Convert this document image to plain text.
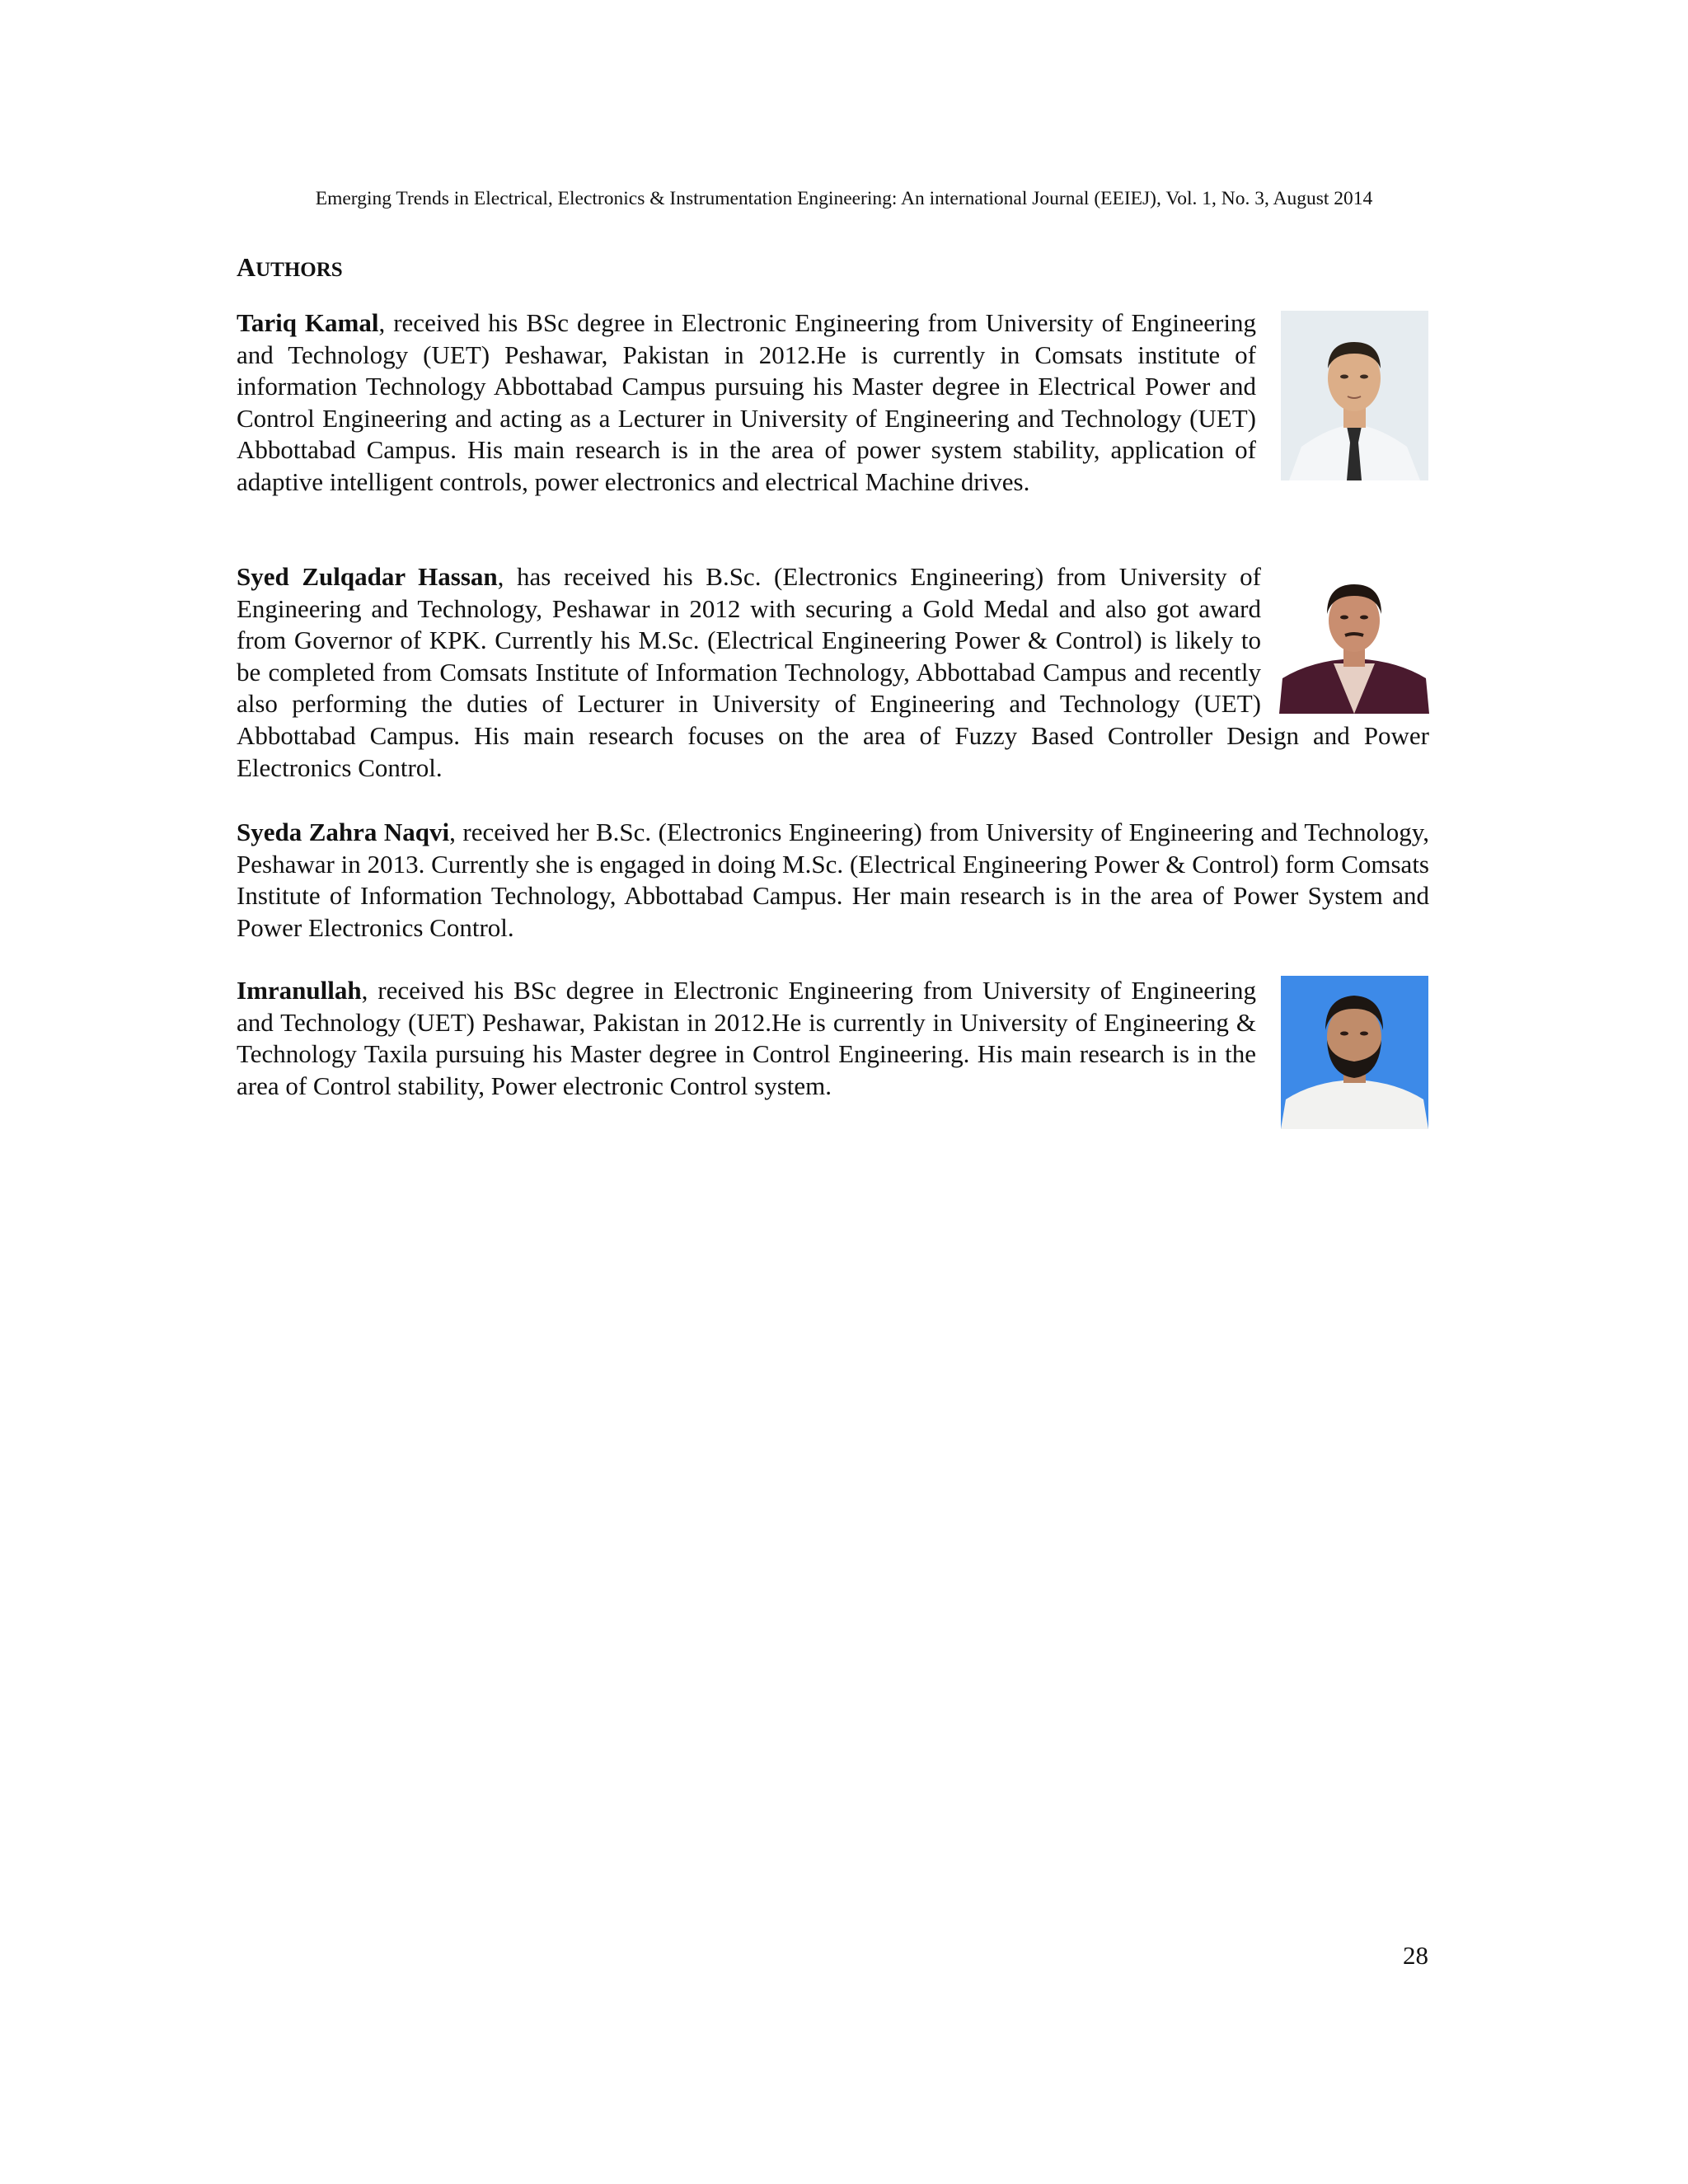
Emerging Trends in Electrical, Electronics & Instrumentation Engineering: An international Journal (EEIEJ), Vol. 1, No. 3, August 2014
AUTHORS

Tariq Kamal, received his BSc degree in Electronic Engineering from University of Engineering and Technology (UET) Peshawar, Pakistan in 2012.He is currently in Comsats institute of information Technology Abbottabad Campus pursuing his Master degree in Electrical Power and Control Engineering and acting as a Lecturer in University of Engineering and Technology (UET) Abbottabad Campus. His main research is in the area of power system stability, application of adaptive intelligent controls, power electronics and electrical Machine drives.

Syed Zulqadar Hassan, has received his B.Sc. (Electronics Engineering) from University of Engineering and Technology, Peshawar in 2012 with securing a Gold Medal and also got award from Governor of KPK. Currently his M.Sc. (Electrical Engineering Power & Control) is likely to be completed from Comsats Institute of Information Technology, Abbottabad Campus and recently also performing the duties of Lecturer in University of Engineering and Technology (UET) Abbottabad Campus. His main research focuses on the area of Fuzzy Based Controller Design and Power Electronics Control.

Syeda Zahra Naqvi, received her B.Sc. (Electronics Engineering) from University of Engineering and Technology, Peshawar in 2013. Currently she is engaged in doing M.Sc. (Electrical Engineering Power & Control) form Comsats Institute of Information Technology, Abbottabad Campus. Her main research is in the area of Power System and Power Electronics Control.

Imranullah, received his BSc degree in Electronic Engineering from University of Engineering and Technology (UET) Peshawar, Pakistan in 2012.He is currently in University of Engineering & Technology Taxila pursuing his Master degree in Control Engineering. His main research is in the area of Control stability, Power electronic Control system.

28
